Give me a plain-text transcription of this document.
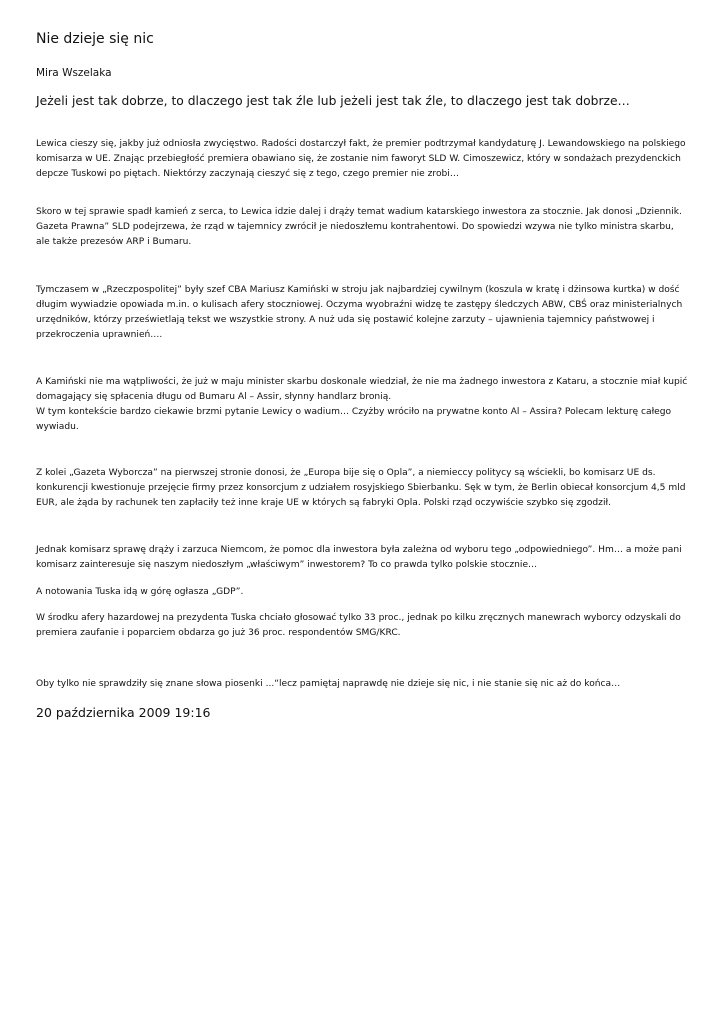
Nie dzieje się nic
Mira Wszelaka
Jeżeli jest tak dobrze, to dlaczego jest tak źle lub jeżeli jest tak źle, to dlaczego jest tak dobrze…
Lewica cieszy się, jakby już odniosła zwycięstwo. Radości dostarczył fakt, że premier podtrzymał kandydaturę J. Lewandowskiego na polskiego komisarza w UE. Znając przebiegłość premiera obawiano się, że zostanie nim faworyt SLD W. Cimoszewicz, który w sondażach prezydenckich depcze Tuskowi po piętach. Niektórzy zaczynają cieszyć się z tego, czego premier nie zrobi…
Skoro w tej sprawie spadł kamień z serca, to Lewica idzie dalej i drąży temat wadium katarskiego inwestora za stocznie. Jak donosi „Dziennik. Gazeta Prawna” SLD podejrzewa, że rząd w tajemnicy zwrócił je niedoszłemu kontrahentowi. Do spowiedzi wzywa nie tylko ministra skarbu, ale także prezesów ARP i Bumaru.
Tymczasem w „Rzeczpospolitej” były szef CBA Mariusz Kamiński w stroju jak najbardziej cywilnym (koszula w kratę i dżinsowa kurtka) w dość długim wywiadzie opowiada m.in. o kulisach afery stoczniowej. Oczyma wyobraźni widzę te zastępy śledczych ABW, CBŚ oraz ministerialnych urzędników, którzy prześwietlają tekst we wszystkie strony. A nuż uda się postawić kolejne zarzuty – ujawnienia tajemnicy państwowej i przekroczenia uprawnień….
A Kamiński nie ma wątpliwości, że już w maju minister skarbu doskonale wiedział, że nie ma żadnego inwestora z Kataru, a stocznie miał kupić domagający się spłacenia długu od Bumaru Al – Assir, słynny handlarz bronią.
W tym kontekście bardzo ciekawie brzmi pytanie Lewicy o wadium… Czyżby wróciło na prywatne konto Al – Assira? Polecam lekturę całego wywiadu.
Z kolei „Gazeta Wyborcza” na pierwszej stronie donosi, że „Europa bije się o Opla”, a niemieccy politycy są wściekli, bo komisarz UE ds. konkurencji kwestionuje przejęcie firmy przez konsorcjum z udziałem rosyjskiego Sbierbanku. Sęk w tym, że Berlin obiecał konsorcjum 4,5 mld EUR, ale żąda by rachunek ten zapłaciły też inne kraje UE w których są fabryki Opla. Polski rząd oczywiście szybko się zgodził.
Jednak komisarz sprawę drąży i zarzuca Niemcom, że pomoc dla inwestora była zależna od wyboru tego „odpowiedniego”. Hm… a może pani komisarz zainteresuje się naszym niedoszłym „właściwym” inwestorem? To co prawda tylko polskie stocznie…
A notowania Tuska idą w górę ogłasza „GDP”.
W środku afery hazardowej na prezydenta Tuska chciało głosować tylko 33 proc., jednak po kilku zręcznych manewrach wyborcy odzyskali do premiera zaufanie i poparciem obdarza go już 36 proc. respondentów SMG/KRC.
Oby tylko nie sprawdziły się znane słowa piosenki ...“lecz pamiętaj naprawdę nie dzieje się nic, i nie stanie się nic aż do końca…
20 października 2009 19:16
